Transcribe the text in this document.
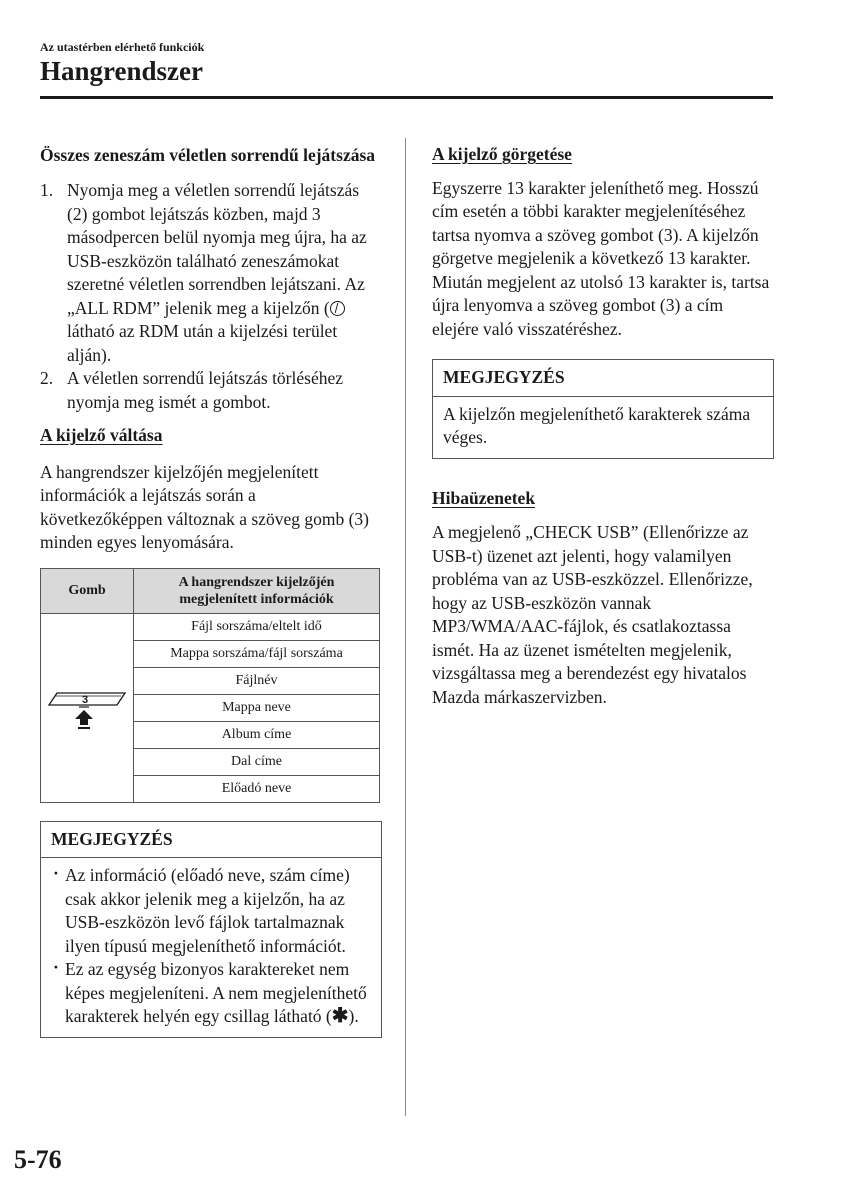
Az utastérben elérhető funkciók
Hangrendszer

Összes zeneszám véletlen sorrendű lejátszása

1. Nyomja meg a véletlen sorrendű lejátszás (2) gombot lejátszás közben, majd 3 másodpercen belül nyomja meg újra, ha az USB-eszközön található zeneszámokat szeretné véletlen sorrendben lejátszani. Az „ALL RDM” jelenik meg a kijelzőn ( látható az RDM után a kijelzési terület alján).
2. A véletlen sorrendű lejátszás törléséhez nyomja meg ismét a gombot.

A kijelző váltása

A hangrendszer kijelzőjén megjelenített információk a lejátszás során a következőképpen változnak a szöveg gomb (3) minden egyes lenyomására.

Gomb	A hangrendszer kijelzőjén megjelenített információk

3	Fájl sorszáma/eltelt idő
	Mappa sorszáma/fájl sorszáma
	Fájlnév
	Mappa neve
	Album címe
	Dal címe
	Előadó neve
MEGJEGYZÉS
· Az információ (előadó neve, szám címe) csak akkor jelenik meg a kijelzőn, ha az USB-eszközön levő fájlok tartalmaznak ilyen típusú megjeleníthető információt.
· Ez az egység bizonyos karaktereket nem képes megjeleníteni. A nem megjeleníthető karakterek helyén egy csillag látható (✱).

A kijelző görgetése

Egyszerre 13 karakter jeleníthető meg. Hosszú cím esetén a többi karakter megjelenítéséhez tartsa nyomva a szöveg gombot (3). A kijelzőn görgetve megjelenik a következő 13 karakter. Miután megjelent az utolsó 13 karakter is, tartsa újra lenyomva a szöveg gombot (3) a cím elejére való visszatéréshez.

MEGJEGYZÉS
A kijelzőn megjeleníthető karakterek száma véges.

Hibaüzenetek

A megjelenő „CHECK USB” (Ellenőrizze az USB-t) üzenet azt jelenti, hogy valamilyen probléma van az USB-eszközzel. Ellenőrizze, hogy az USB-eszközön vannak MP3/WMA/AAC-fájlok, és csatlakoztassa ismét. Ha az üzenet ismételten megjelenik, vizsgáltassa meg a berendezést egy hivatalos Mazda márkaszervizben.

5-76
